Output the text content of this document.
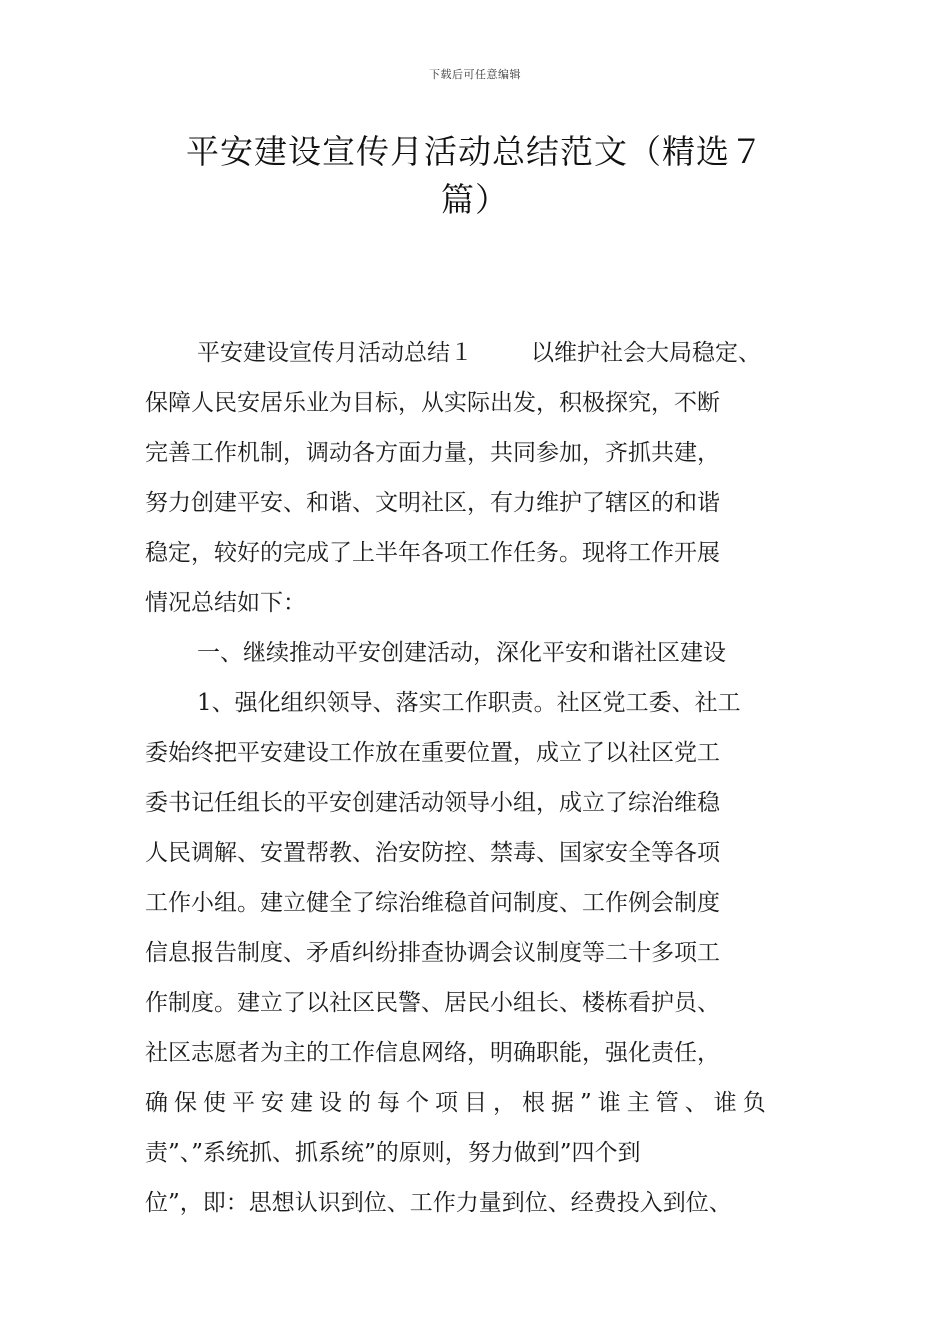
下载后可任意编辑
平安建设宣传月活动总结范文（精选７
篇）
平安建设宣传月活动总结１	以维护社会大局稳定、
保障人民安居乐业为目标，从实际出发，积极探究，不断
完善工作机制，调动各方面力量，共同参加，齐抓共建，
努力创建平安、和谐、文明社区，有力维护了辖区的和谐
稳定，较好的完成了上半年各项工作任务。现将工作开展
情况总结如下：
一、继续推动平安创建活动，深化平安和谐社区建设
1、强化组织领导、落实工作职责。社区党工委、社工
委始终把平安建设工作放在重要位置，成立了以社区党工
委书记任组长的平安创建活动领导小组，成立了综治维稳
人民调解、安置帮教、治安防控、禁毒、国家安全等各项
工作小组。建立健全了综治维稳首问制度、工作例会制度
信息报告制度、矛盾纠纷排查协调会议制度等二十多项工
作制度。建立了以社区民警、居民小组长、楼栋看护员、
社区志愿者为主的工作信息网络，明确职能，强化责任，
确保使平安建设的每个项目，根据”谁主管、谁负
责”、”系统抓、抓系统”的原则，努力做到”四个到
位”，即：思想认识到位、工作力量到位、经费投入到位、
